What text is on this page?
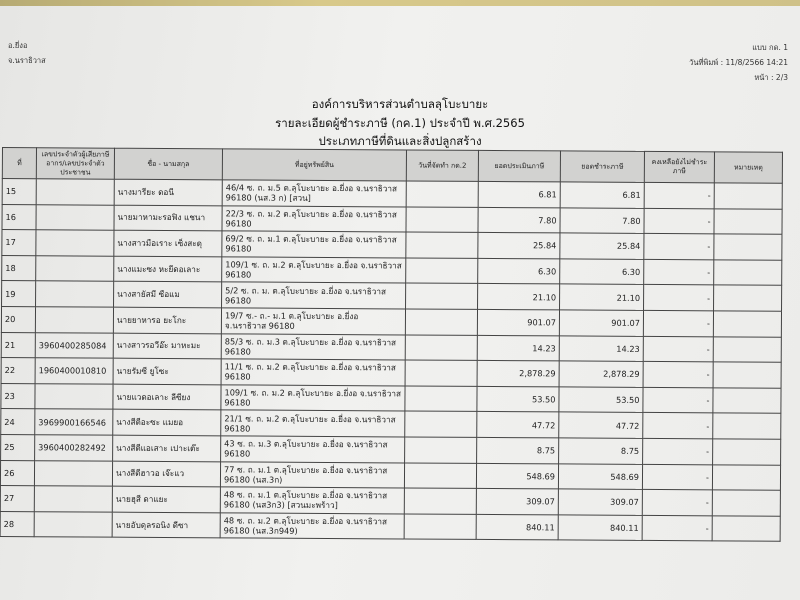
อ.ยี่งอ
จ.นราธิวาส
แบบ กด. 1
วันที่พิมพ์ : 11/8/2566 14:21
หน้า : 2/3
องค์การบริหารส่วนตำบลลุโบะบายะ
รายละเอียดผู้ชำระภาษี (กค.1) ประจำปี พ.ศ.2565
ประเภทภาษีที่ดินและสิ่งปลูกสร้าง
ที่	เลขประจำตัวผู้เสียภาษีอากร/เลขประจำตัวประชาชน	ชื่อ - นามสกุล	ที่อยู่ทรัพย์สิน	วันที่จัดทำ กด.2	ยอดประเมินภาษี	ยอดชำระภาษี	คงเหลือยังไม่ชำระภาษี	หมายเหตุ
15		นางมารียะ ดอนี	46/4 ซ. ถ. ม.5 ต.ลุโบะบายะ อ.ยี่งอ จ.นราธิวาส 96180 (นส.3 ก) [สวน]		6.81	6.81	-	
16		นายมาหามะรอฟิง แชนา	22/3 ซ. ถ. ม.2 ต.ลุโบะบายะ อ.ยี่งอ จ.นราธิวาส 96180		7.80	7.80	-	
17		นางสาวมือเราะ เซ็งสะดุ	69/2 ซ. ถ. ม.1 ต.ลุโบะบายะ อ.ยี่งอ จ.นราธิวาส 96180		25.84	25.84	-	
18		นางแมะซง หะยีดอเลาะ	109/1 ซ. ถ. ม.2 ต.ลุโบะบายะ อ.ยี่งอ จ.นราธิวาส 96180		6.30	6.30	-	
19		นางสายัสมี ซือแม	5/2 ซ. ถ. ม. ต.ลุโบะบายะ อ.ยี่งอ จ.นราธิวาส 96180		21.10	21.10	-	
20		นายยาหารอ ยะโกะ	19/7 ซ.- ถ.- ม.1 ต.ลุโบะบายะ อ.ยี่งอ จ.นราธิวาส 96180		901.07	901.07	-	
21	3960400285084	นางสาวรอวีอ๊ะ มาหะมะ	85/3 ซ. ถ. ม.3 ต.ลุโบะบายะ อ.ยี่งอ จ.นราธิวาส 96180		14.23	14.23	-	
22	1960400010810	นายรัมซี ยูโซะ	11/1 ซ. ถ. ม.2 ต.ลุโบะบายะ อ.ยี่งอ จ.นราธิวาส 96180		2,878.29	2,878.29	-	
23		นายแวดอเลาะ ลีซียง	109/1 ซ. ถ. ม.2 ต.ลุโบะบายะ อ.ยี่งอ จ.นราธิวาส 96180		53.50	53.50	-	
24	3969900166546	นางสีตีอะซะ แมยอ	21/1 ซ. ถ. ม.2 ต.ลุโบะบายะ อ.ยี่งอ จ.นราธิวาส 96180		47.72	47.72	-	
25	3960400282492	นางสีตีแอเสาะ เปาะเต๊ะ	43 ซ. ถ. ม.3 ต.ลุโบะบายะ อ.ยี่งอ จ.นราธิวาส 96180		8.75	8.75	-	
26		นางสีตีฮาวอ เจ๊ะแว	77 ซ. ถ. ม.1 ต.ลุโบะบายะ อ.ยี่งอ จ.นราธิวาส 96180 (นส.3ก)		548.69	548.69	-	
27		นายฮุสี ดาแยะ	48 ซ. ถ. ม.1 ต.ลุโบะบายะ อ.ยี่งอ จ.นราธิวาส 96180 (นส3ก3) [สวนมะพร้าว]		309.07	309.07	-	
28		นายอับดุลรอนิง ดีซา	48 ซ. ถ. ม.2 ต.ลุโบะบายะ อ.ยี่งอ จ.นราธิวาส 96180 (นส.3ก949)		840.11	840.11	-	
